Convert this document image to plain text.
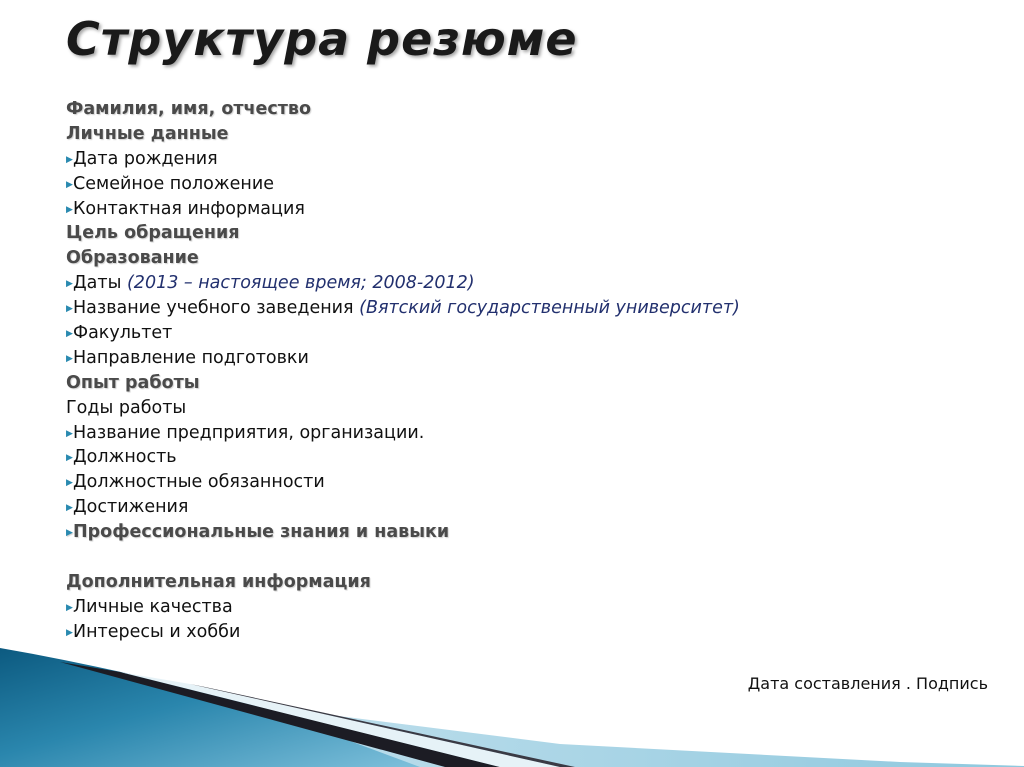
Структура резюме
Фамилия, имя, отчество
Личные данные
▶Дата рождения
▶Семейное положение
▶Контактная информация
Цель обращения
Образование
▶Даты (2013 – настоящее время; 2008-2012)
▶Название учебного заведения (Вятский государственный университет)
▶Факультет
▶Направление подготовки
Опыт работы
Годы работы
▶Название предприятия, организации.
▶Должность
▶Должностные обязанности
▶Достижения
▶Профессиональные знания и навыки
Дополнительная информация
▶Личные качества
▶Интересы и хобби
Дата составления . Подпись
